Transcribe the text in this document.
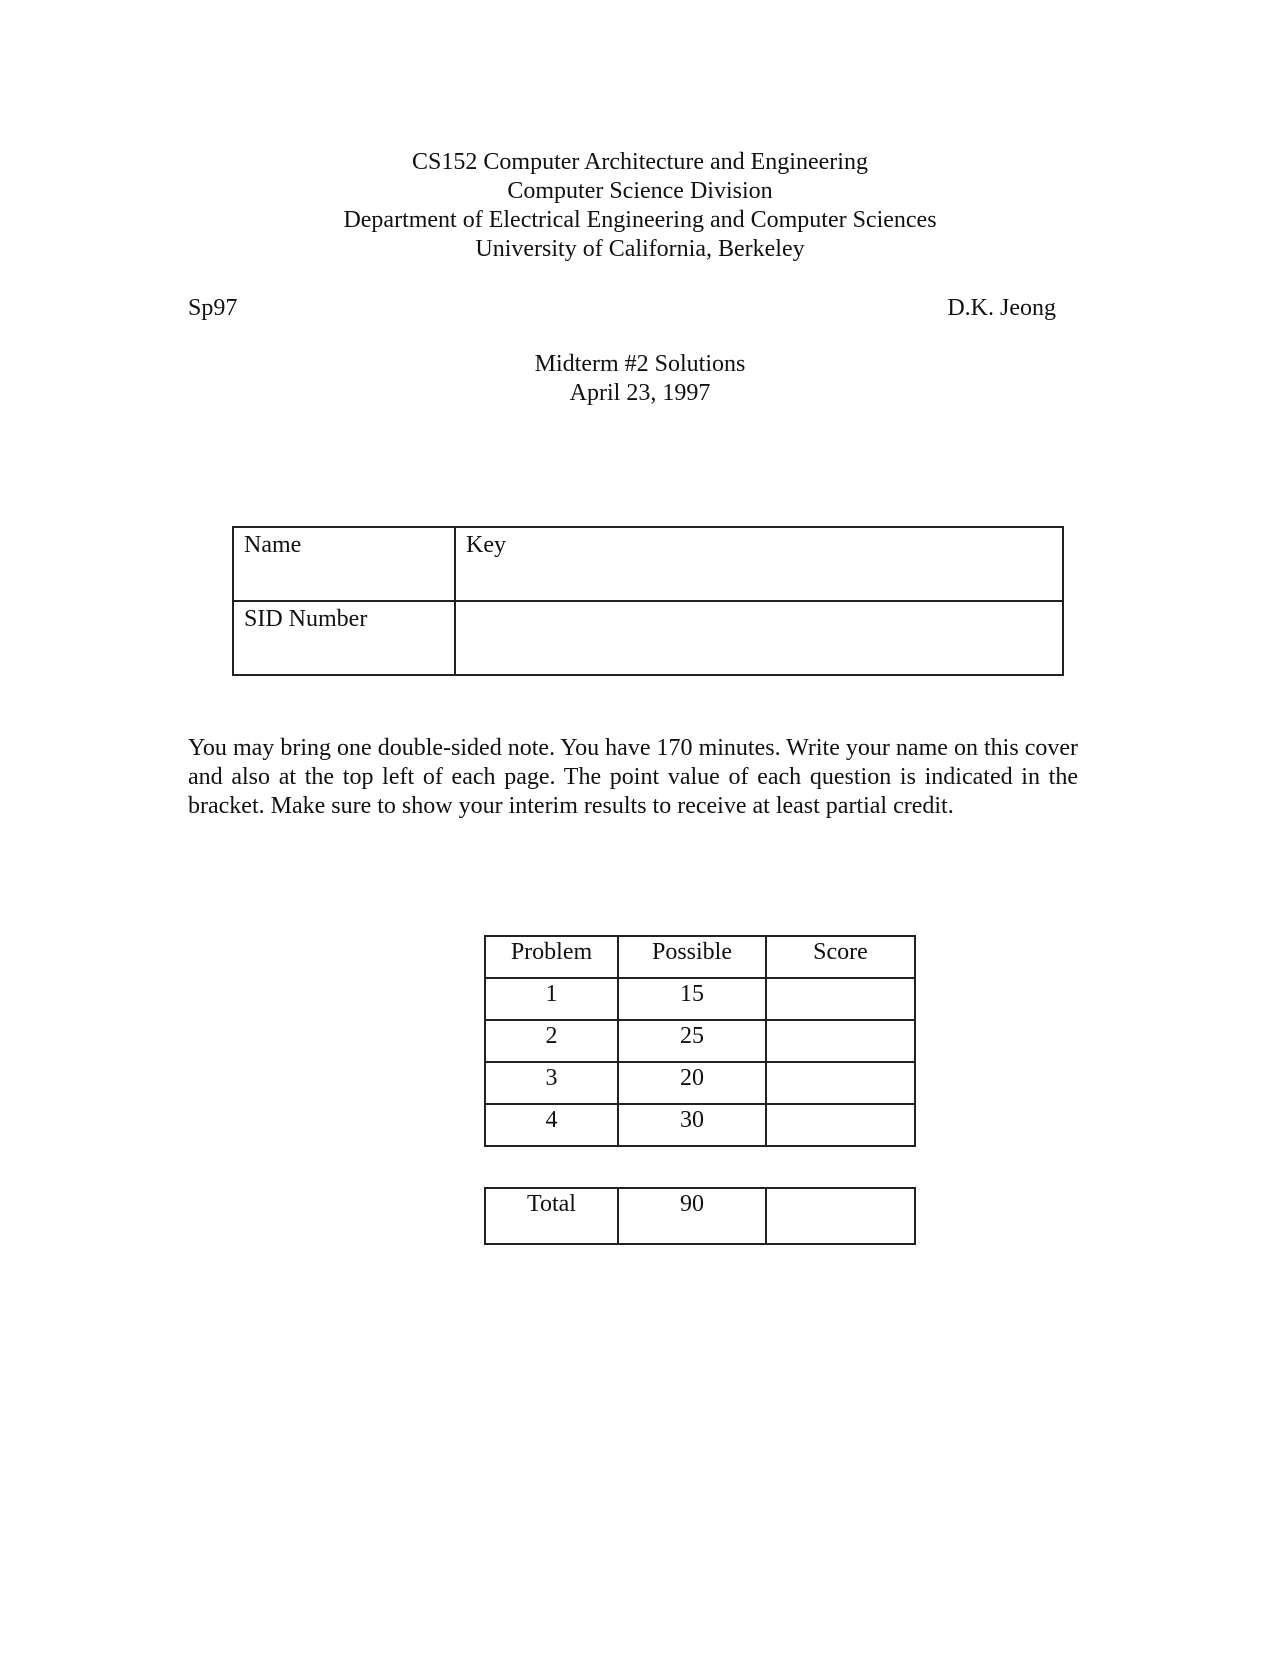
CS152 Computer Architecture and Engineering
Computer Science Division
Department of Electrical Engineering and Computer Sciences
University of California, Berkeley
Sp97	D.K. Jeong
Midterm #2 Solutions
April 23, 1997
Name	Key
SID Number	
You may bring one double-sided note. You have 170 minutes. Write your name on this cover and also at the top left of each page. The point value of each question is indicated in the bracket. Make sure to show your interim results to receive at least partial credit.
Problem	Possible	Score
1	15	
2	25	
3	20	
4	30	
Total	90	
